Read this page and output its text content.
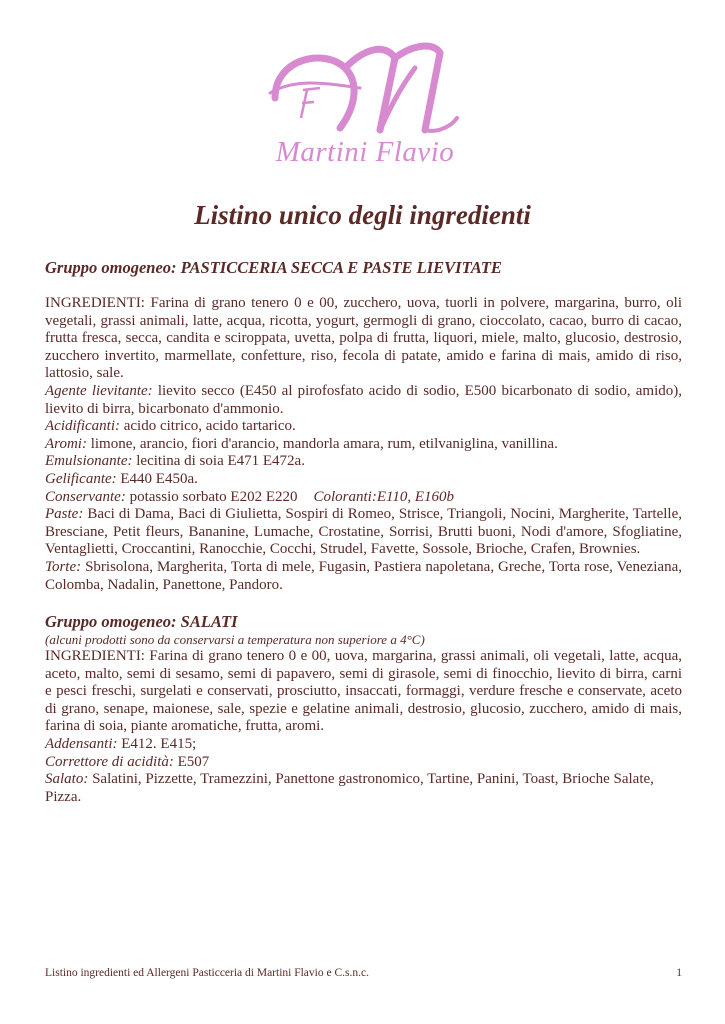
Martini Flavio
Listino unico degli ingredienti
Gruppo omogeneo: PASTICCERIA SECCA E PASTE LIEVITATE

INGREDIENTI: Farina di grano tenero 0 e 00, zucchero, uova, tuorli in polvere, margarina, burro, oli vegetali, grassi animali, latte, acqua, ricotta, yogurt, germogli di grano, cioccolato, cacao, burro di cacao, frutta fresca, secca, candita e sciroppata, uvetta, polpa di frutta, liquori, miele, malto, glucosio, destrosio, zucchero invertito, marmellate, confetture, riso, fecola di patate, amido e farina di mais, amido di riso, lattosio, sale.

Agente lievitante: lievito secco (E450 al pirofosfato acido di sodio, E500 bicarbonato di sodio, amido), lievito di birra, bicarbonato d'ammonio.

Acidificanti: acido citrico, acido tartarico.

Aromi: limone, arancio, fiori d'arancio, mandorla amara, rum, etilvaniglina, vanillina.

Emulsionante: lecitina di soia E471 E472a.

Gelificante: E440 E450a.

Conservante: potassio sorbato E202 E220 Coloranti:E110, E160b

Paste: Baci di Dama, Baci di Giulietta, Sospiri di Romeo, Strisce, Triangoli, Nocini, Margherite, Tartelle, Bresciane, Petit fleurs, Bananine, Lumache, Crostatine, Sorrisi, Brutti buoni, Nodi d'amore, Sfogliatine, Ventaglietti, Croccantini, Ranocchie, Cocchi, Strudel, Favette, Sossole, Brioche, Crafen, Brownies.

Torte: Sbrisolona, Margherita, Torta di mele, Fugasin, Pastiera napoletana, Greche, Torta rose, Veneziana, Colomba, Nadalin, Panettone, Pandoro.

Gruppo omogeneo: SALATI

(alcuni prodotti sono da conservarsi a temperatura non superiore a 4°C)

INGREDIENTI: Farina di grano tenero 0 e 00, uova, margarina, grassi animali, oli vegetali, latte, acqua, aceto, malto, semi di sesamo, semi di papavero, semi di girasole, semi di finocchio, lievito di birra, carni e pesci freschi, surgelati e conservati, prosciutto, insaccati, formaggi, verdure fresche e conservate, aceto di grano, senape, maionese, sale, spezie e gelatine animali, destrosio, glucosio, zucchero, amido di mais, farina di soia, piante aromatiche, frutta, aromi.

Addensanti: E412. E415;

Correttore di acidità: E507

Salato: Salatini, Pizzette, Tramezzini, Panettone gastronomico, Tartine, Panini, Toast, Brioche Salate, Pizza.

Listino ingredienti ed Allergeni Pasticceria di Martini Flavio e C.s.n.c.	1
